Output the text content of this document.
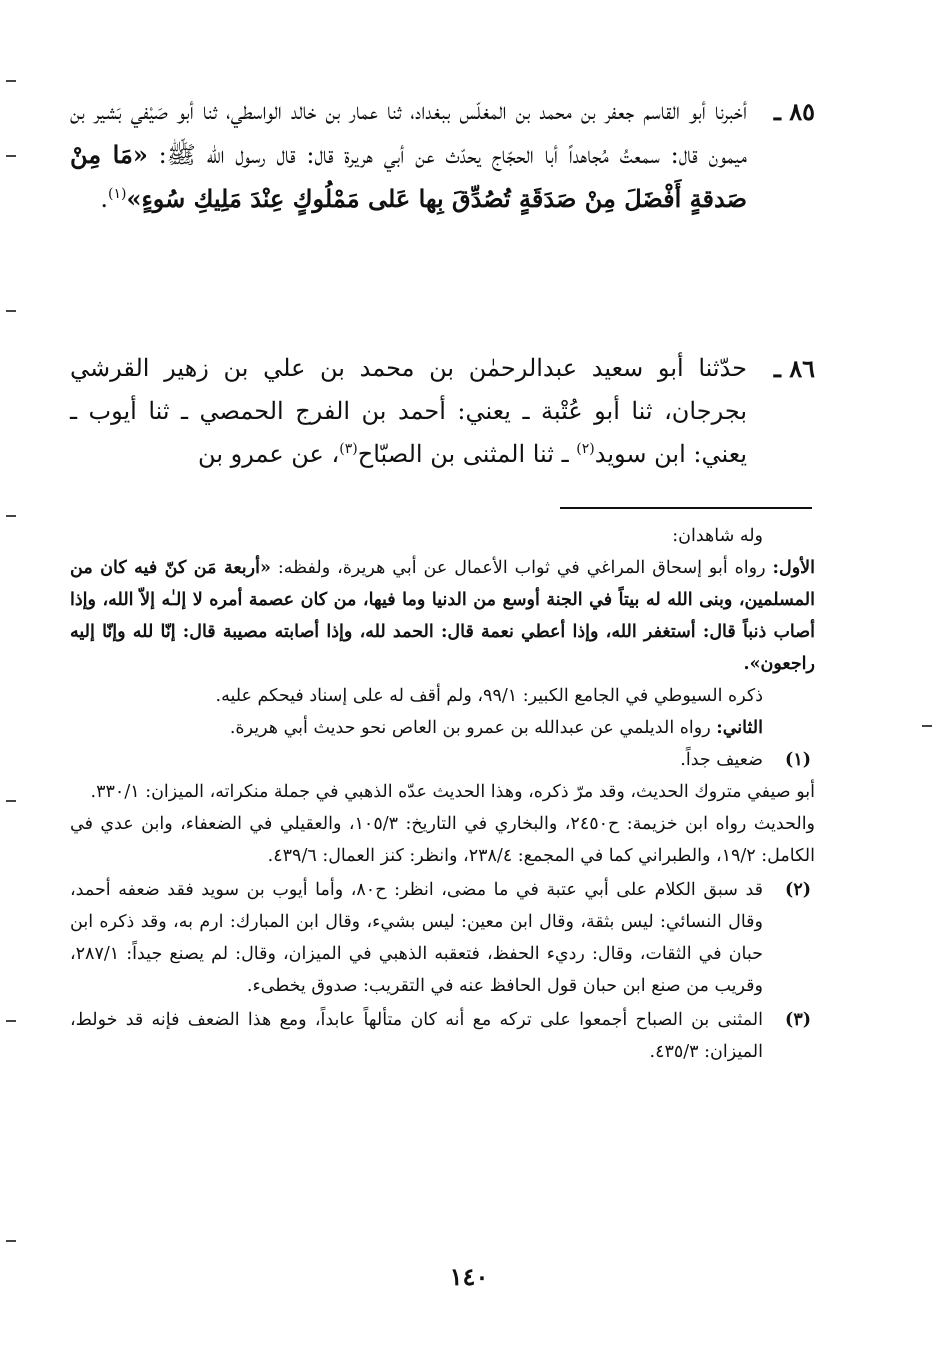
٨٥ ـ
أخبرنا أبو القاسم جعفر بن محمد بن المغلّس ببغداد، ثنا عمار بن خالد الواسطي، ثنا أبو صَيْفي بَشير بن ميمون قال: سمعتُ مُجاهداً أبا الحجّاج يحدّث عن أبي هريرة قال: قال رسول الله ﷺ: «مَا مِنْ صَدقةٍ أَفْضَلَ مِنْ صَدَقَةٍ تُصُدِّقَ بِها عَلى مَمْلُوكٍ عِنْدَ مَلِيكِ سُوءٍ»$^{(١)}$.
٨٦ ـ
حدّثنا أبو سعيد عبدالرحمٰن بن محمد بن علي بن زهير القرشي بجرجان، ثنا أبو عُتْبة ـ يعني: أحمد بن الفرج الحمصي ـ ثنا أيوب ـ يعني: ابن سويد$^{(٢)}$ ـ ثنا المثنى بن الصبّاح$^{(٣)}$، عن عمرو بن
وله شاهدان:
الأول: رواه أبو إسحاق المراغي في ثواب الأعمال عن أبي هريرة، ولفظه: «أربعة مَن كنّ فيه كان من المسلمين، وبنى الله له بيتاً في الجنة أوسع من الدنيا وما فيها، من كان عصمة أمره لا إلـٰه إلاّ الله، وإذا أصاب ذنباً قال: أستغفر الله، وإذا أعطي نعمة قال: الحمد لله، وإذا أصابته مصيبة قال: إنّا لله وإنّا إليه راجعون».
ذكره السيوطي في الجامع الكبير: ٩٩/١، ولم أقف له على إسناد فيحكم عليه.
الثاني: رواه الديلمي عن عبدالله بن عمرو بن العاص نحو حديث أبي هريرة.
(١)
ضعيف جداً.
أبو صيفي متروك الحديث، وقد مرّ ذكره، وهذا الحديث عدّه الذهبي في جملة منكراته، الميزان: ٣٣٠/١.
والحديث رواه ابن خزيمة: ح٢٤٥٠، والبخاري في التاريخ: ١٠٥/٣، والعقيلي في الضعفاء، وابن عدي في الكامل: ١٩/٢، والطبراني كما في المجمع: ٢٣٨/٤، وانظر: كنز العمال: ٤٣٩/٦.
(٢)
قد سبق الكلام على أبي عتبة في ما مضى، انظر: ح٨٠، وأما أيوب بن سويد فقد ضعفه أحمد، وقال النسائي: ليس بثقة، وقال ابن معين: ليس بشيء، وقال ابن المبارك: ارم به، وقد ذكره ابن حبان في الثقات، وقال: رديء الحفظ، فتعقبه الذهبي في الميزان، وقال: لم يصنع جيداً: ٢٨٧/١، وقريب من صنع ابن حبان قول الحافظ عنه في التقريب: صدوق يخطىء.
(٣)
المثنى بن الصباح أجمعوا على تركه مع أنه كان متألهاً عابداً، ومع هذا الضعف فإنه قد خولط، الميزان: ٤٣٥/٣.
١٤٠
